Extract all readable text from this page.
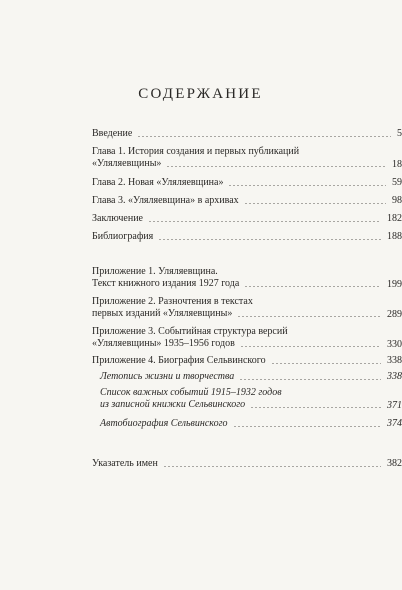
СОДЕРЖАНИЕ
Введение	5
Глава 1. История создания и первых публикаций
«Уляляевщины»	18
Глава 2. Новая «Уляляевщина»	59
Глава 3. «Уляляевщина» в архивах	98
Заключение	182
Библиография	188
Приложение 1. Уляляевщина.
Текст книжного издания 1927 года	199
Приложение 2. Разночтения в текстах
первых изданий «Уляляевщины»	289
Приложение 3. Событийная структура версий
«Уляляевщины» 1935–1956 годов	330
Приложение 4. Биография Сельвинского	338
Летопись жизни и творчества	338
Список важных событий 1915–1932 годов
из записной книжки Сельвинского	371
Автобиография Сельвинского	374
Указатель имен	382
